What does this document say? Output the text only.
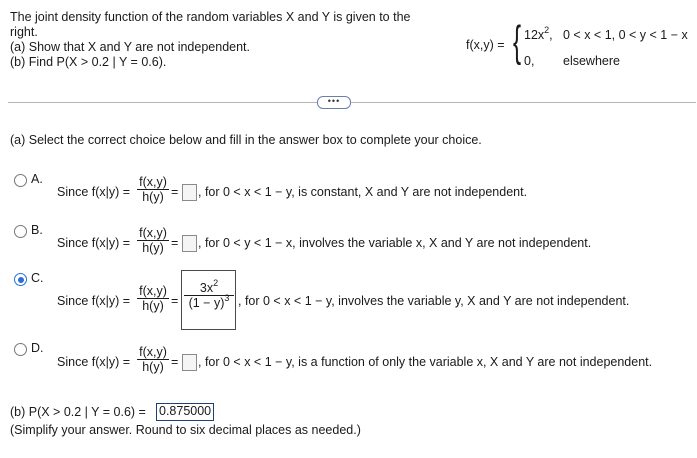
The joint density function of the random variables X and Y is given to the
right.
(a) Show that X and Y are not independent.
(b) Find P(X > 0.2 | Y = 0.6).
f(x,y) = { $12x^2$, 0 < x < 1, 0 < y < 1 − x
0, elsewhere
•••
(a) Select the correct choice below and fill in the answer box to complete your choice.
A.
Since f(x|y) =
f(x,y)
h(y) = , for 0 < x < 1 − y, is constant, X and Y are not independent.
B.
Since f(x|y) =
f(x,y)
h(y) = , for 0 < y < 1 − x, involves the variable x, X and Y are not independent.
C.
Since f(x|y) =
f(x,y)
h(y) =
$3x^2$
$(1 - y)^3$ , for 0 < x < 1 − y, involves the variable y, X and Y are not independent.
D.
Since f(x|y) =
f(x,y)
h(y) = , for 0 < x < 1 − y, is a function of only the variable x, X and Y are not independent.
(b) P(X > 0.2 | Y = 0.6) = 0.875000
(Simplify your answer. Round to six decimal places as needed.)
